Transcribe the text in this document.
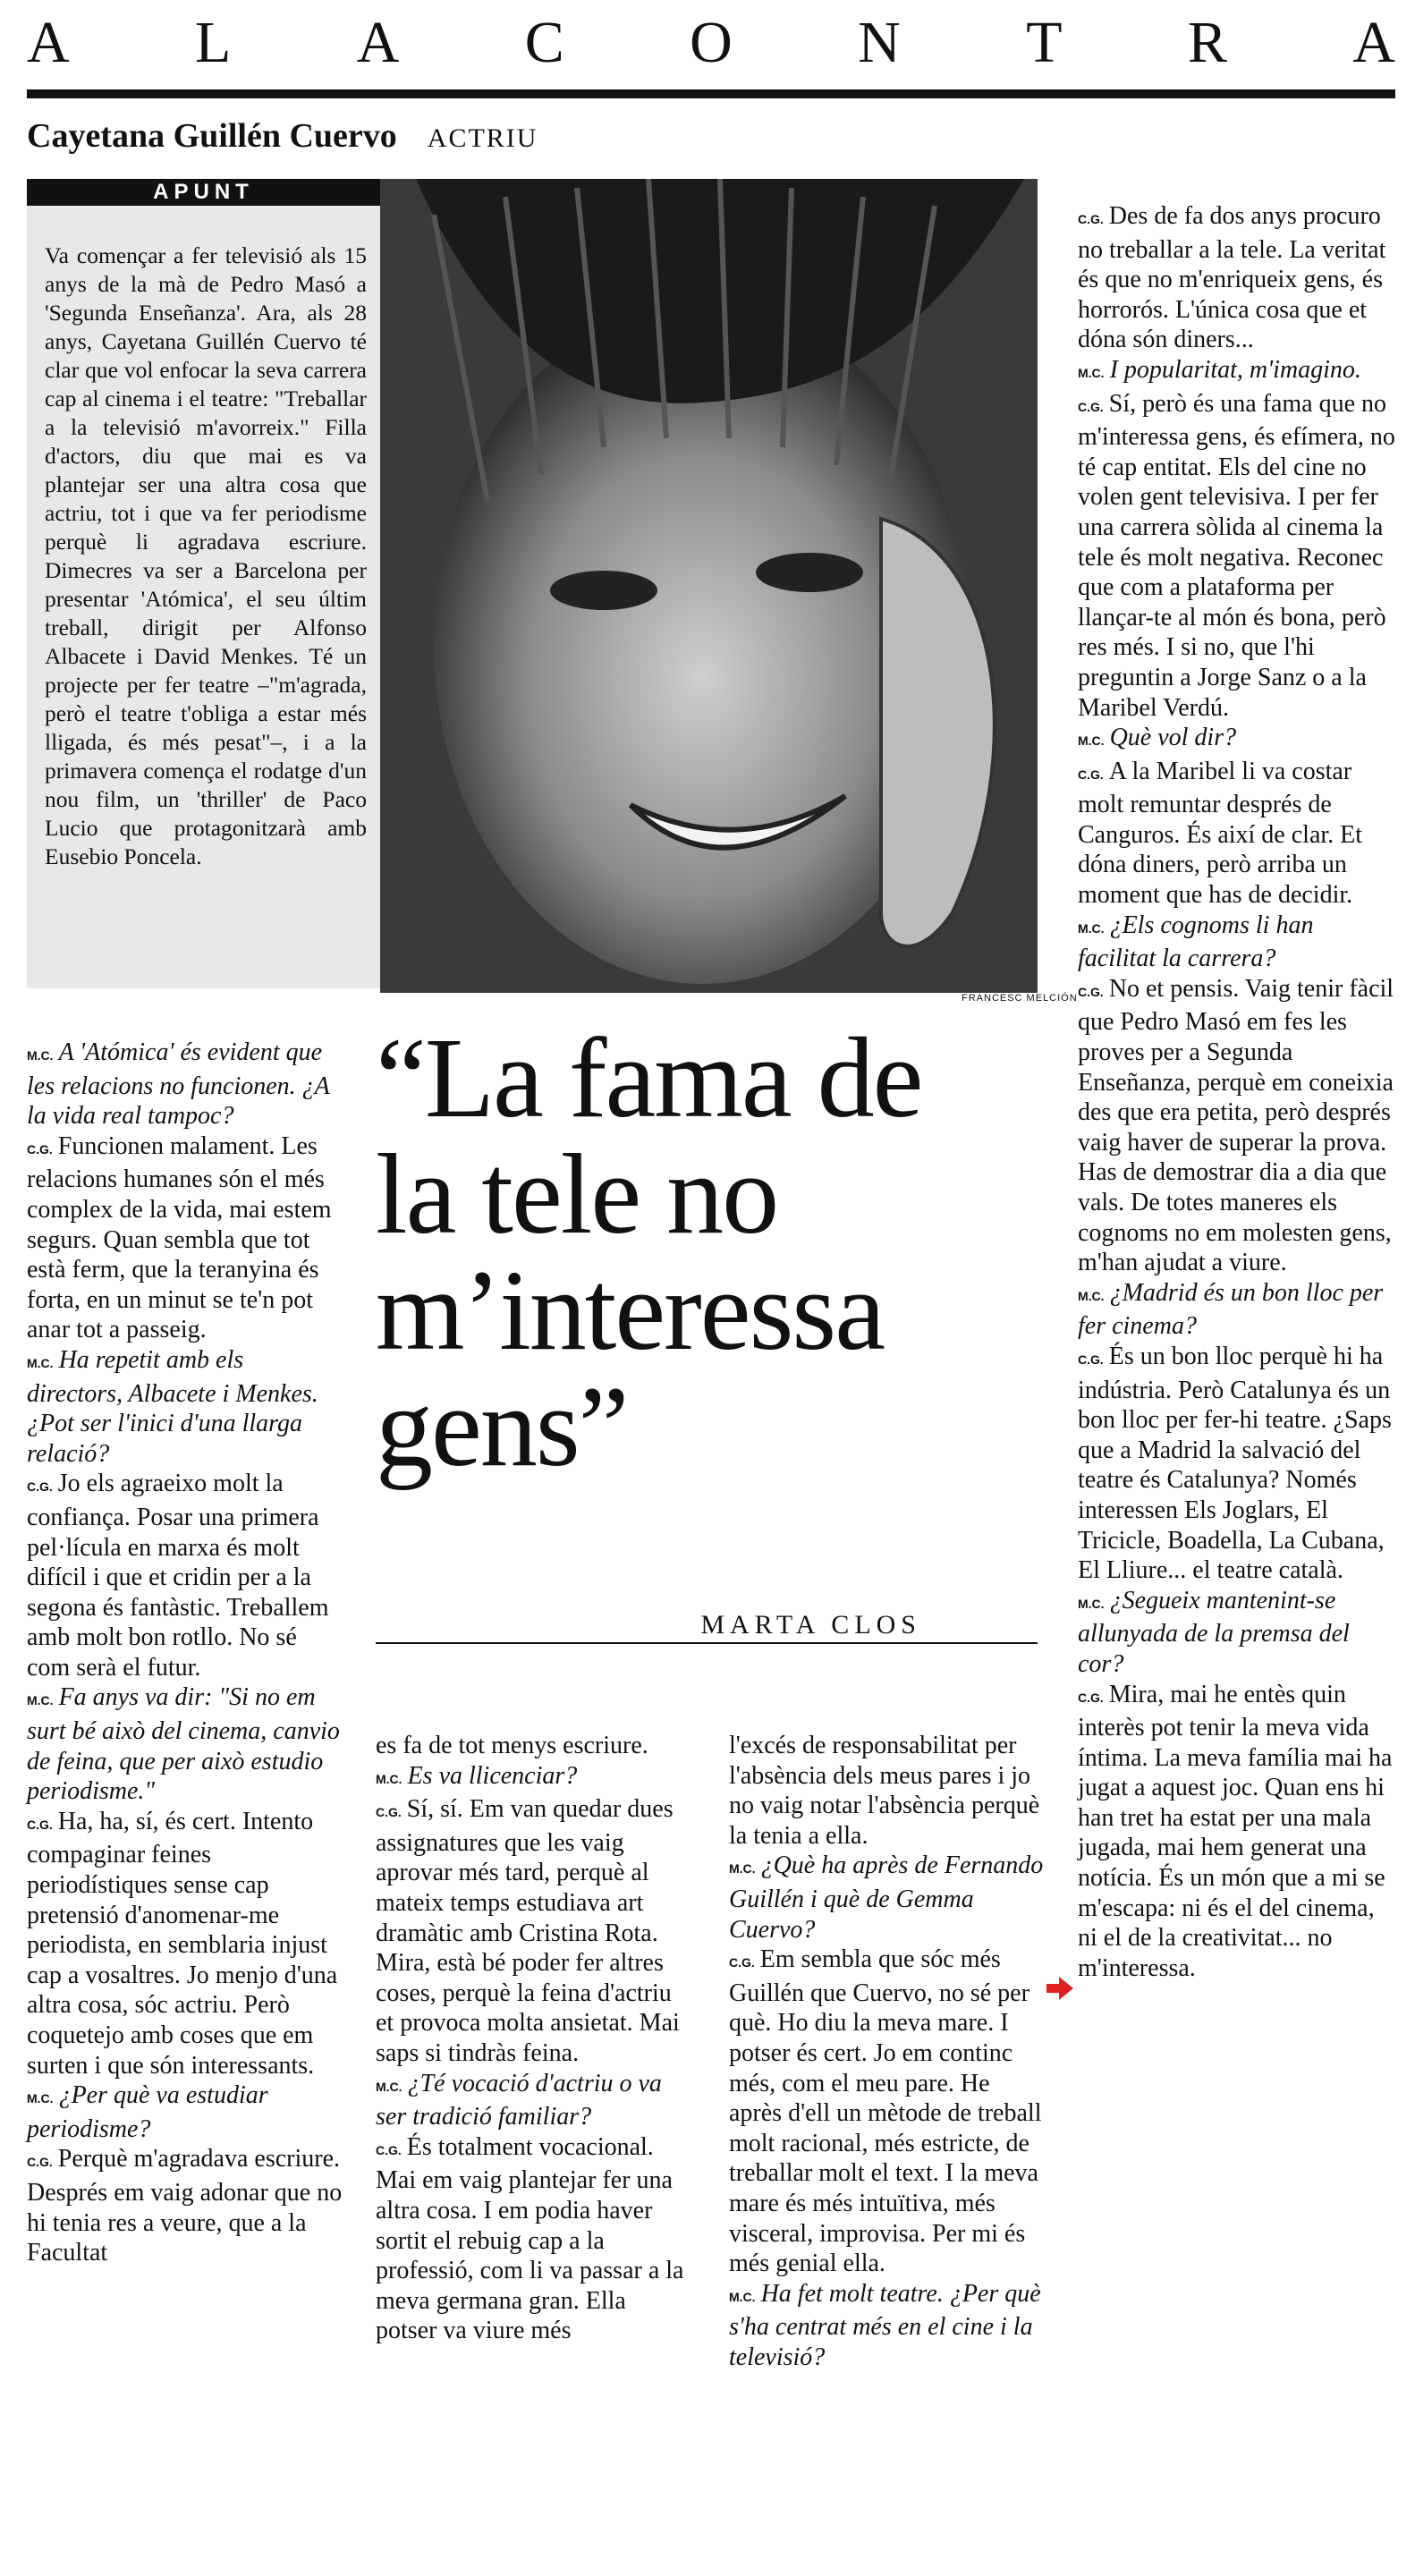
A L A C O N T R A
Cayetana Guillén Cuervo ACTRIU
APUNT
Va començar a fer televisió als 15 anys de la mà de Pedro Masó a 'Segunda Enseñanza'. Ara, als 28 anys, Cayetana Guillén Cuervo té clar que vol enfocar la seva carrera cap al cinema i el teatre: "Treballar a la televisió m'avorreix." Filla d'actors, diu que mai es va plantejar ser una altra cosa que actriu, tot i que va fer periodisme perquè li agradava escriure. Dimecres va ser a Barcelona per presentar 'Atómica', el seu últim treball, dirigit per Alfonso Albacete i David Menkes. Té un projecte per fer teatre –"m'agrada, però el teatre t'obliga a estar més lligada, és més pesat"–, i a la primavera comença el rodatge d'un nou film, un 'thriller' de Paco Lucio que protagonitzarà amb Eusebio Poncela.
FRANCESC MELCIÓN

C.G. Des de fa dos anys procuro no treballar a la tele. La veritat és que no m'enriqueix gens, és horrorós. L'única cosa que et dóna són diners...

M.C. I popularitat, m'imagino.

C.G. Sí, però és una fama que no m'interessa gens, és efímera, no té cap entitat. Els del cine no volen gent televisiva. I per fer una carrera sòlida al cinema la tele és molt negativa. Reconec que com a plataforma per llançar-te al món és bona, però res més. I si no, que l'hi preguntin a Jorge Sanz o a la Maribel Verdú.

M.C. Què vol dir?

C.G. A la Maribel li va costar molt remuntar després de Canguros. És així de clar. Et dóna diners, però arriba un moment que has de decidir.

M.C. ¿Els cognoms li han facilitat la carrera?

C.G. No et pensis. Vaig tenir fàcil que Pedro Masó em fes les proves per a Segunda Enseñanza, perquè em coneixia des que era petita, però després vaig haver de superar la prova. Has de demostrar dia a dia que vals. De totes maneres els cognoms no em molesten gens, m'han ajudat a viure.

M.C. ¿Madrid és un bon lloc per fer cinema?

C.G. És un bon lloc perquè hi ha indústria. Però Catalunya és un bon lloc per fer-hi teatre. ¿Saps que a Madrid la salvació del teatre és Catalunya? Només interessen Els Joglars, El Tricicle, Boadella, La Cubana, El Lliure... el teatre català.

M.C. ¿Segueix mantenint-se allunyada de la premsa del cor?

C.G. Mira, mai he entès quin interès pot tenir la meva vida íntima. La meva família mai ha jugat a aquest joc. Quan ens hi han tret ha estat per una mala jugada, mai hem generat una notícia. És un món que a mi se m'escapa: ni és el del cinema, ni el de la creativitat... no m'interessa.

“La fama de
la tele no
m’interessa
gens”
MARTA CLOS

M.C. A 'Atómica' és evident que les relacions no funcionen. ¿A la vida real tampoc?

C.G. Funcionen malament. Les relacions humanes són el més complex de la vida, mai estem segurs. Quan sembla que tot està ferm, que la teranyina és forta, en un minut se te'n pot anar tot a passeig.

M.C. Ha repetit amb els directors, Albacete i Menkes. ¿Pot ser l'inici d'una llarga relació?

C.G. Jo els agraeixo molt la confiança. Posar una primera pel·lícula en marxa és molt difícil i que et cridin per a la segona és fantàstic. Treballem amb molt bon rotllo. No sé com serà el futur.

M.C. Fa anys va dir: "Si no em surt bé això del cinema, canvio de feina, que per això estudio periodisme."

C.G. Ha, ha, sí, és cert. Intento compaginar feines periodístiques sense cap pretensió d'anomenar-me periodista, en semblaria injust cap a vosaltres. Jo menjo d'una altra cosa, sóc actriu. Però coquetejo amb coses que em surten i que són interessants.

M.C. ¿Per què va estudiar periodisme?

C.G. Perquè m'agradava escriure. Després em vaig adonar que no hi tenia res a veure, que a la Facultat

es fa de tot menys escriure.

M.C. Es va llicenciar?

C.G. Sí, sí. Em van quedar dues assignatures que les vaig aprovar més tard, perquè al mateix temps estudiava art dramàtic amb Cristina Rota. Mira, està bé poder fer altres coses, perquè la feina d'actriu et provoca molta ansietat. Mai saps si tindràs feina.

M.C. ¿Té vocació d'actriu o va ser tradició familiar?

C.G. És totalment vocacional. Mai em vaig plantejar fer una altra cosa. I em podia haver sortit el rebuig cap a la professió, com li va passar a la meva germana gran. Ella potser va viure més

l'excés de responsabilitat per l'absència dels meus pares i jo no vaig notar l'absència perquè la tenia a ella.

M.C. ¿Què ha après de Fernando Guillén i què de Gemma Cuervo?

C.G. Em sembla que sóc més Guillén que Cuervo, no sé per què. Ho diu la meva mare. I potser és cert. Jo em continc més, com el meu pare. He après d'ell un mètode de treball molt racional, més estricte, de treballar molt el text. I la meva mare és més intuïtiva, més visceral, improvisa. Per mi és més genial ella.

M.C. Ha fet molt teatre. ¿Per què s'ha centrat més en el cine i la televisió?
